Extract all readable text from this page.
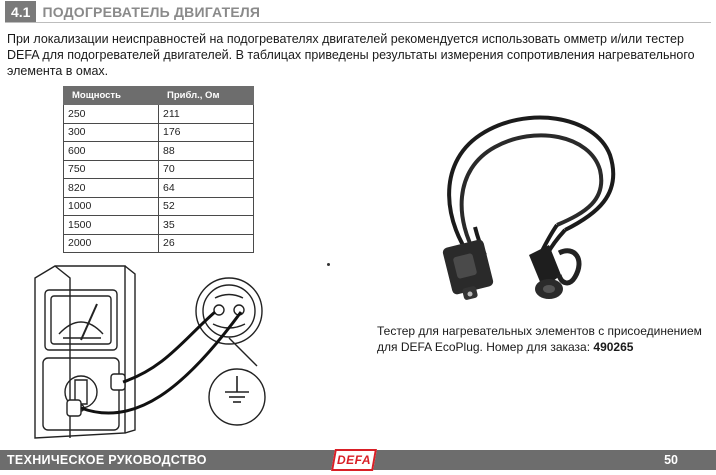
4.1 ПОДОГРЕВАТЕЛЬ ДВИГАТЕЛЯ

При локализации неисправностей на подогревателях двигателей рекомендуется использовать омметр и/или тестер DEFA для подогревателей двигателей. В таблицах приведены результаты измерения сопротивления нагревательного элемента в омах.

Мощность	Прибл., Ом
250	211
300	176
600	88
750	70
820	64
1000	52
1500	35
2000	26

Тестер для нагревательных элементов с присоединением для DEFA EcoPlug. Номер для заказа: 490265

ТЕХНИЧЕСКОЕ РУКОВОДСТВО	50
DEFA
